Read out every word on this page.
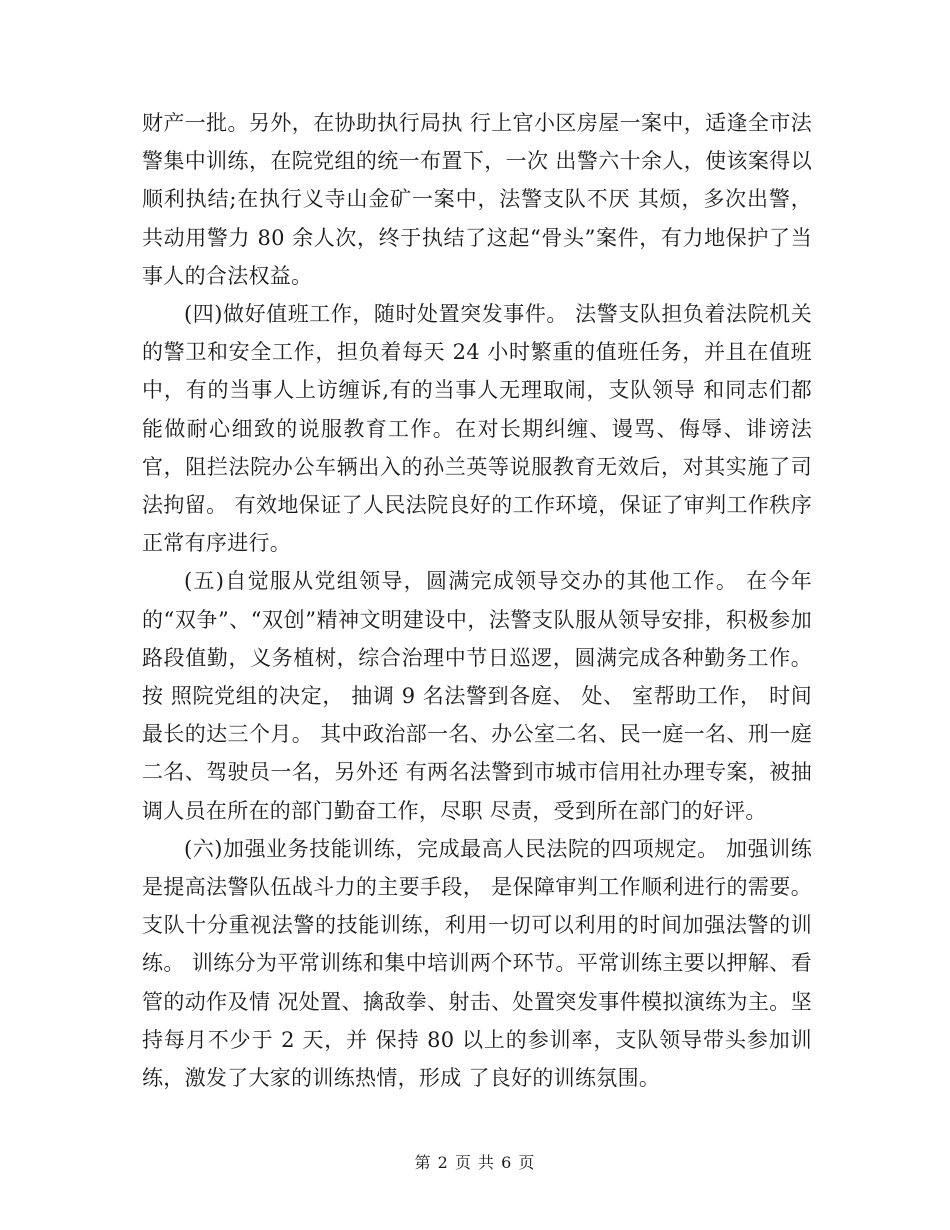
财产一批。另外，在协助执行局执 行上官小区房屋一案中，适逢全市法警集中训练，在院党组的统一布置下，一次 出警六十余人，使该案得以顺利执结;在执行义寺山金矿一案中，法警支队不厌 其烦，多次出警，共动用警力 80 余人次，终于执结了这起“骨头”案件，有力地保护了当事人的合法权益。

(四)做好值班工作，随时处置突发事件。 法警支队担负着法院机关的警卫和安全工作，担负着每天 24 小时繁重的值班任务，并且在值班中，有的当事人上访缠诉,有的当事人无理取闹，支队领导 和同志们都能做耐心细致的说服教育工作。在对长期纠缠、谩骂、侮辱、诽谤法 官，阻拦法院办公车辆出入的孙兰英等说服教育无效后，对其实施了司法拘留。 有效地保证了人民法院良好的工作环境，保证了审判工作秩序正常有序进行。

(五)自觉服从党组领导，圆满完成领导交办的其他工作。 在今年的“双争”、“双创”精神文明建设中，法警支队服从领导安排，积极参加路段值勤，义务植树，综合治理中节日巡逻，圆满完成各种勤务工作。按 照院党组的决定， 抽调 9 名法警到各庭、 处、 室帮助工作， 时间最长的达三个月。 其中政治部一名、办公室二名、民一庭一名、刑一庭二名、驾驶员一名，另外还 有两名法警到市城市信用社办理专案，被抽调人员在所在的部门勤奋工作，尽职 尽责，受到所在部门的好评。

(六)加强业务技能训练，完成最高人民法院的四项规定。 加强训练是提高法警队伍战斗力的主要手段， 是保障审判工作顺利进行的需要。支队十分重视法警的技能训练，利用一切可以利用的时间加强法警的训练。 训练分为平常训练和集中培训两个环节。平常训练主要以押解、看管的动作及情 况处置、擒敌拳、射击、处置突发事件模拟演练为主。坚持每月不少于 2 天，并 保持 80 以上的参训率，支队领导带头参加训练，激发了大家的训练热情，形成 了良好的训练氛围。

第 2 页 共 6 页
